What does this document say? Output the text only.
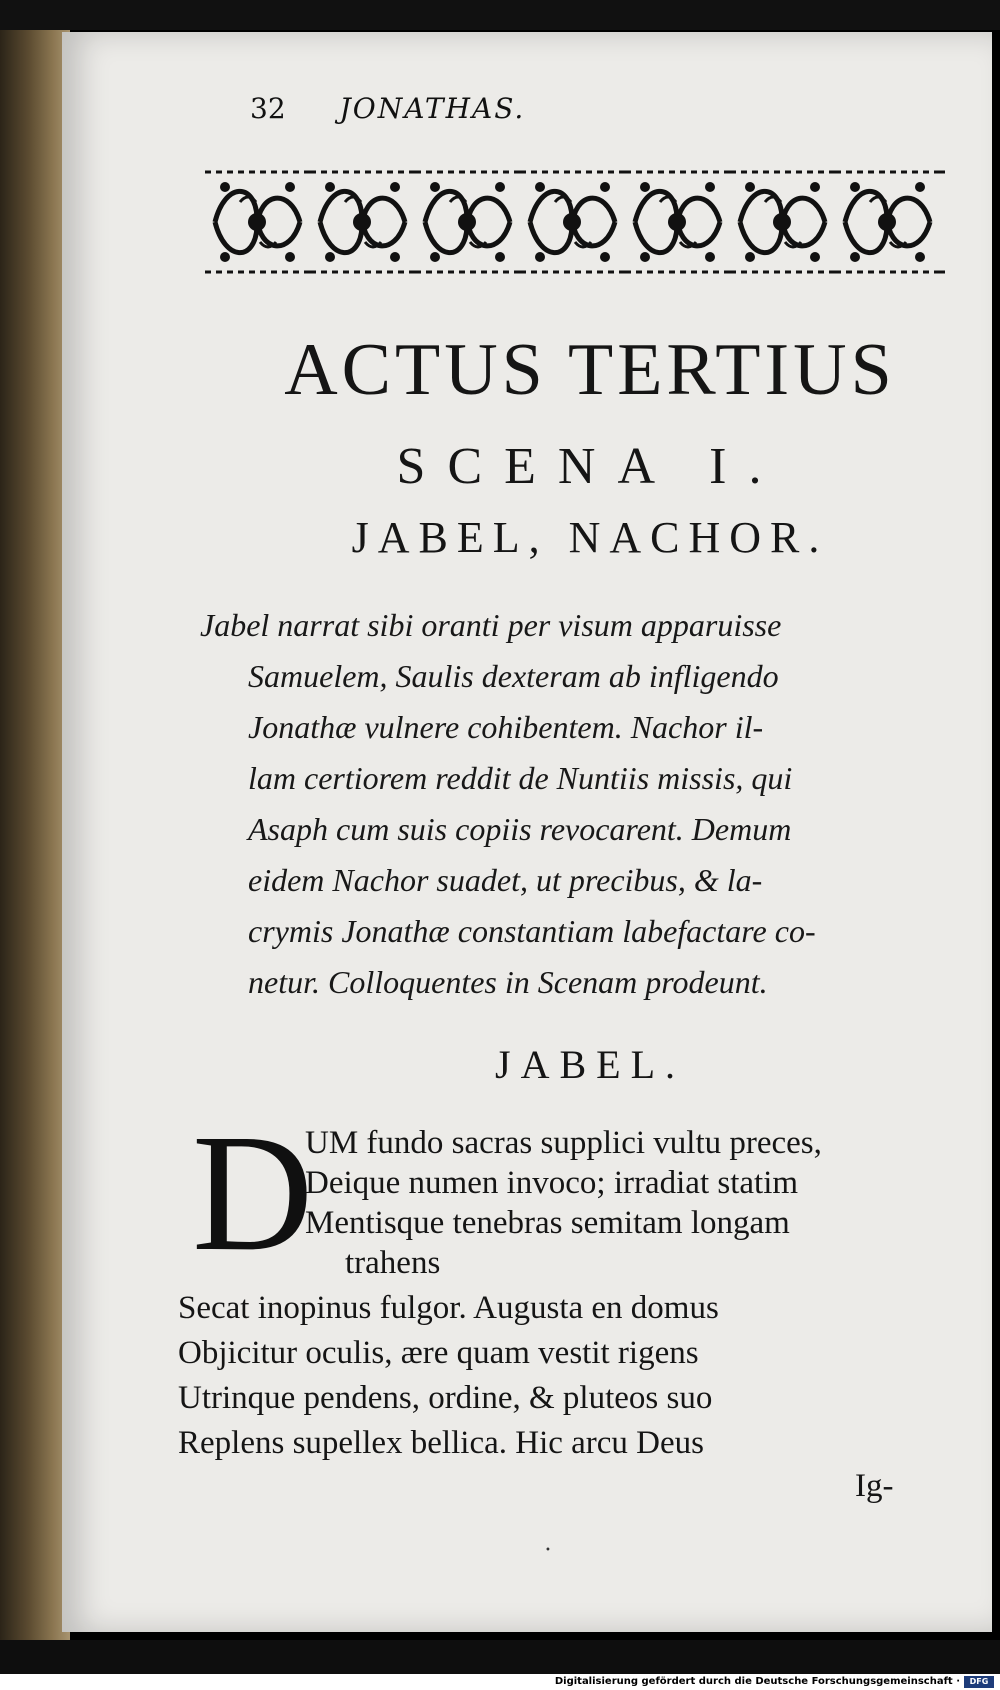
32 JONATHAS.
ACTUS TERTIUS
SCENA I.
JABEL, NACHOR.
Jabel narrat sibi oranti per visum apparuisse
Samuelem, Saulis dexteram ab infligendo
Jonathæ vulnere cohibentem. Nachor il-
lam certiorem reddit de Nuntiis missis, qui
Asaph cum suis copiis revocarent. Demum
eidem Nachor suadet, ut precibus, & la-
crymis Jonathæ constantiam labefactare co-
netur. Colloquentes in Scenam prodeunt.
JABEL.
D
UM fundo sacras supplici vultu preces,
Deique numen invoco; irradiat statim
Mentisque tenebras semitam longam
trahens
Secat inopinus fulgor. Augusta en domus
Objicitur oculis, ære quam vestit rigens
Utrinque pendens, ordine, & pluteos suo
Replens supellex bellica. Hic arcu Deus
Ig-
•
Digitalisierung gefördert durch die Deutsche Forschungsgemeinschaft ·	DFG
